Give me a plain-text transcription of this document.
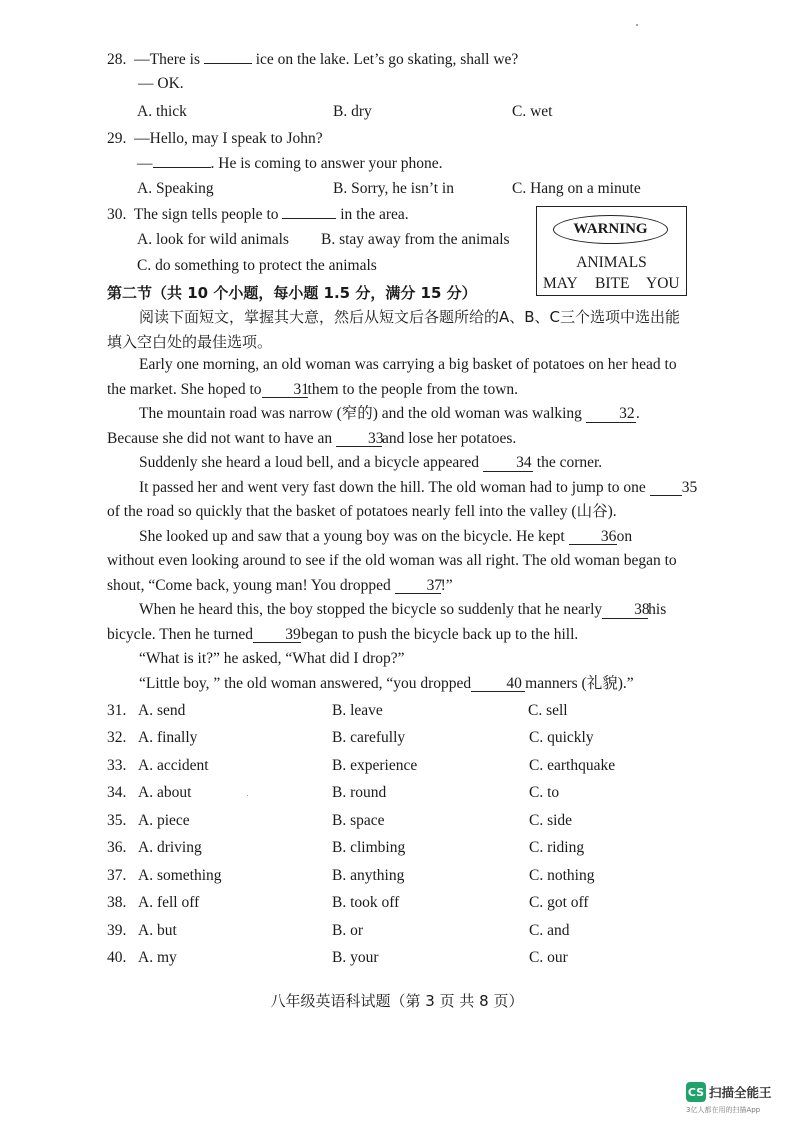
28. —There is	ice on the lake. Let’s go skating, shall we?
— OK.
A. thick	B. dry	C. wet
29. —Hello, may I speak to John?
—	. He is coming to answer your phone.
A. Speaking	B. Sorry, he isn’t in	C. Hang on a minute
30. The sign tells people to	in the area.
A. look for wild animals B. stay away from the animals
C. do something to protect the animals
WARNING
ANIMALS
MAY BITE YOU
第二节（共 10 个小题，每小题 1.5 分，满分 15 分）

阅读下面短文，掌握其大意，然后从短文后各题所给的A、B、C三个选项中选出能填入空白处的最佳选项。

Early one morning, an old woman was carrying a big basket of potatoes on her head to the market. She hoped to 31them to the people from the town.

The mountain road was narrow (窄的) and the old woman was walking 32. Because she did not want to have an 33and lose her potatoes.

Suddenly she heard a loud bell, and a bicycle appeared 34 the corner.

It passed her and went very fast down the hill. The old woman had to jump to one 35 of the road so quickly that the basket of potatoes nearly fell into the valley (山谷).

She looked up and saw that a young boy was on the bicycle. He kept 36on without even looking around to see if the old woman was all right. The old woman began to shout, “Come back, young man! You dropped 37!”

When he heard this, the boy stopped the bicycle so suddenly that he nearly 38his bicycle. Then he turned 39began to push the bicycle back up to the hill.

“What is it?” he asked, “What did I drop?”

“Little boy, ” the old woman answered, “you dropped 40 manners (礼貌).”

31. A. send	B. leave	C. sell
32. A. finally	B. carefully	C. quickly
33. A. accident	B. experience	C. earthquake
34. A. about	B. round	C. to
35. A. piece	B. space	C. side
36. A. driving	B. climbing	C. riding
37. A. something	B. anything	C. nothing
38. A. fell off	B. took off	C. got off
39. A. but	B. or	C. and
40. A. my	B. your	C. our
八年级英语科试题（第 3 页 共 8 页）
CS 扫描全能王
3亿人都在用的扫描App
